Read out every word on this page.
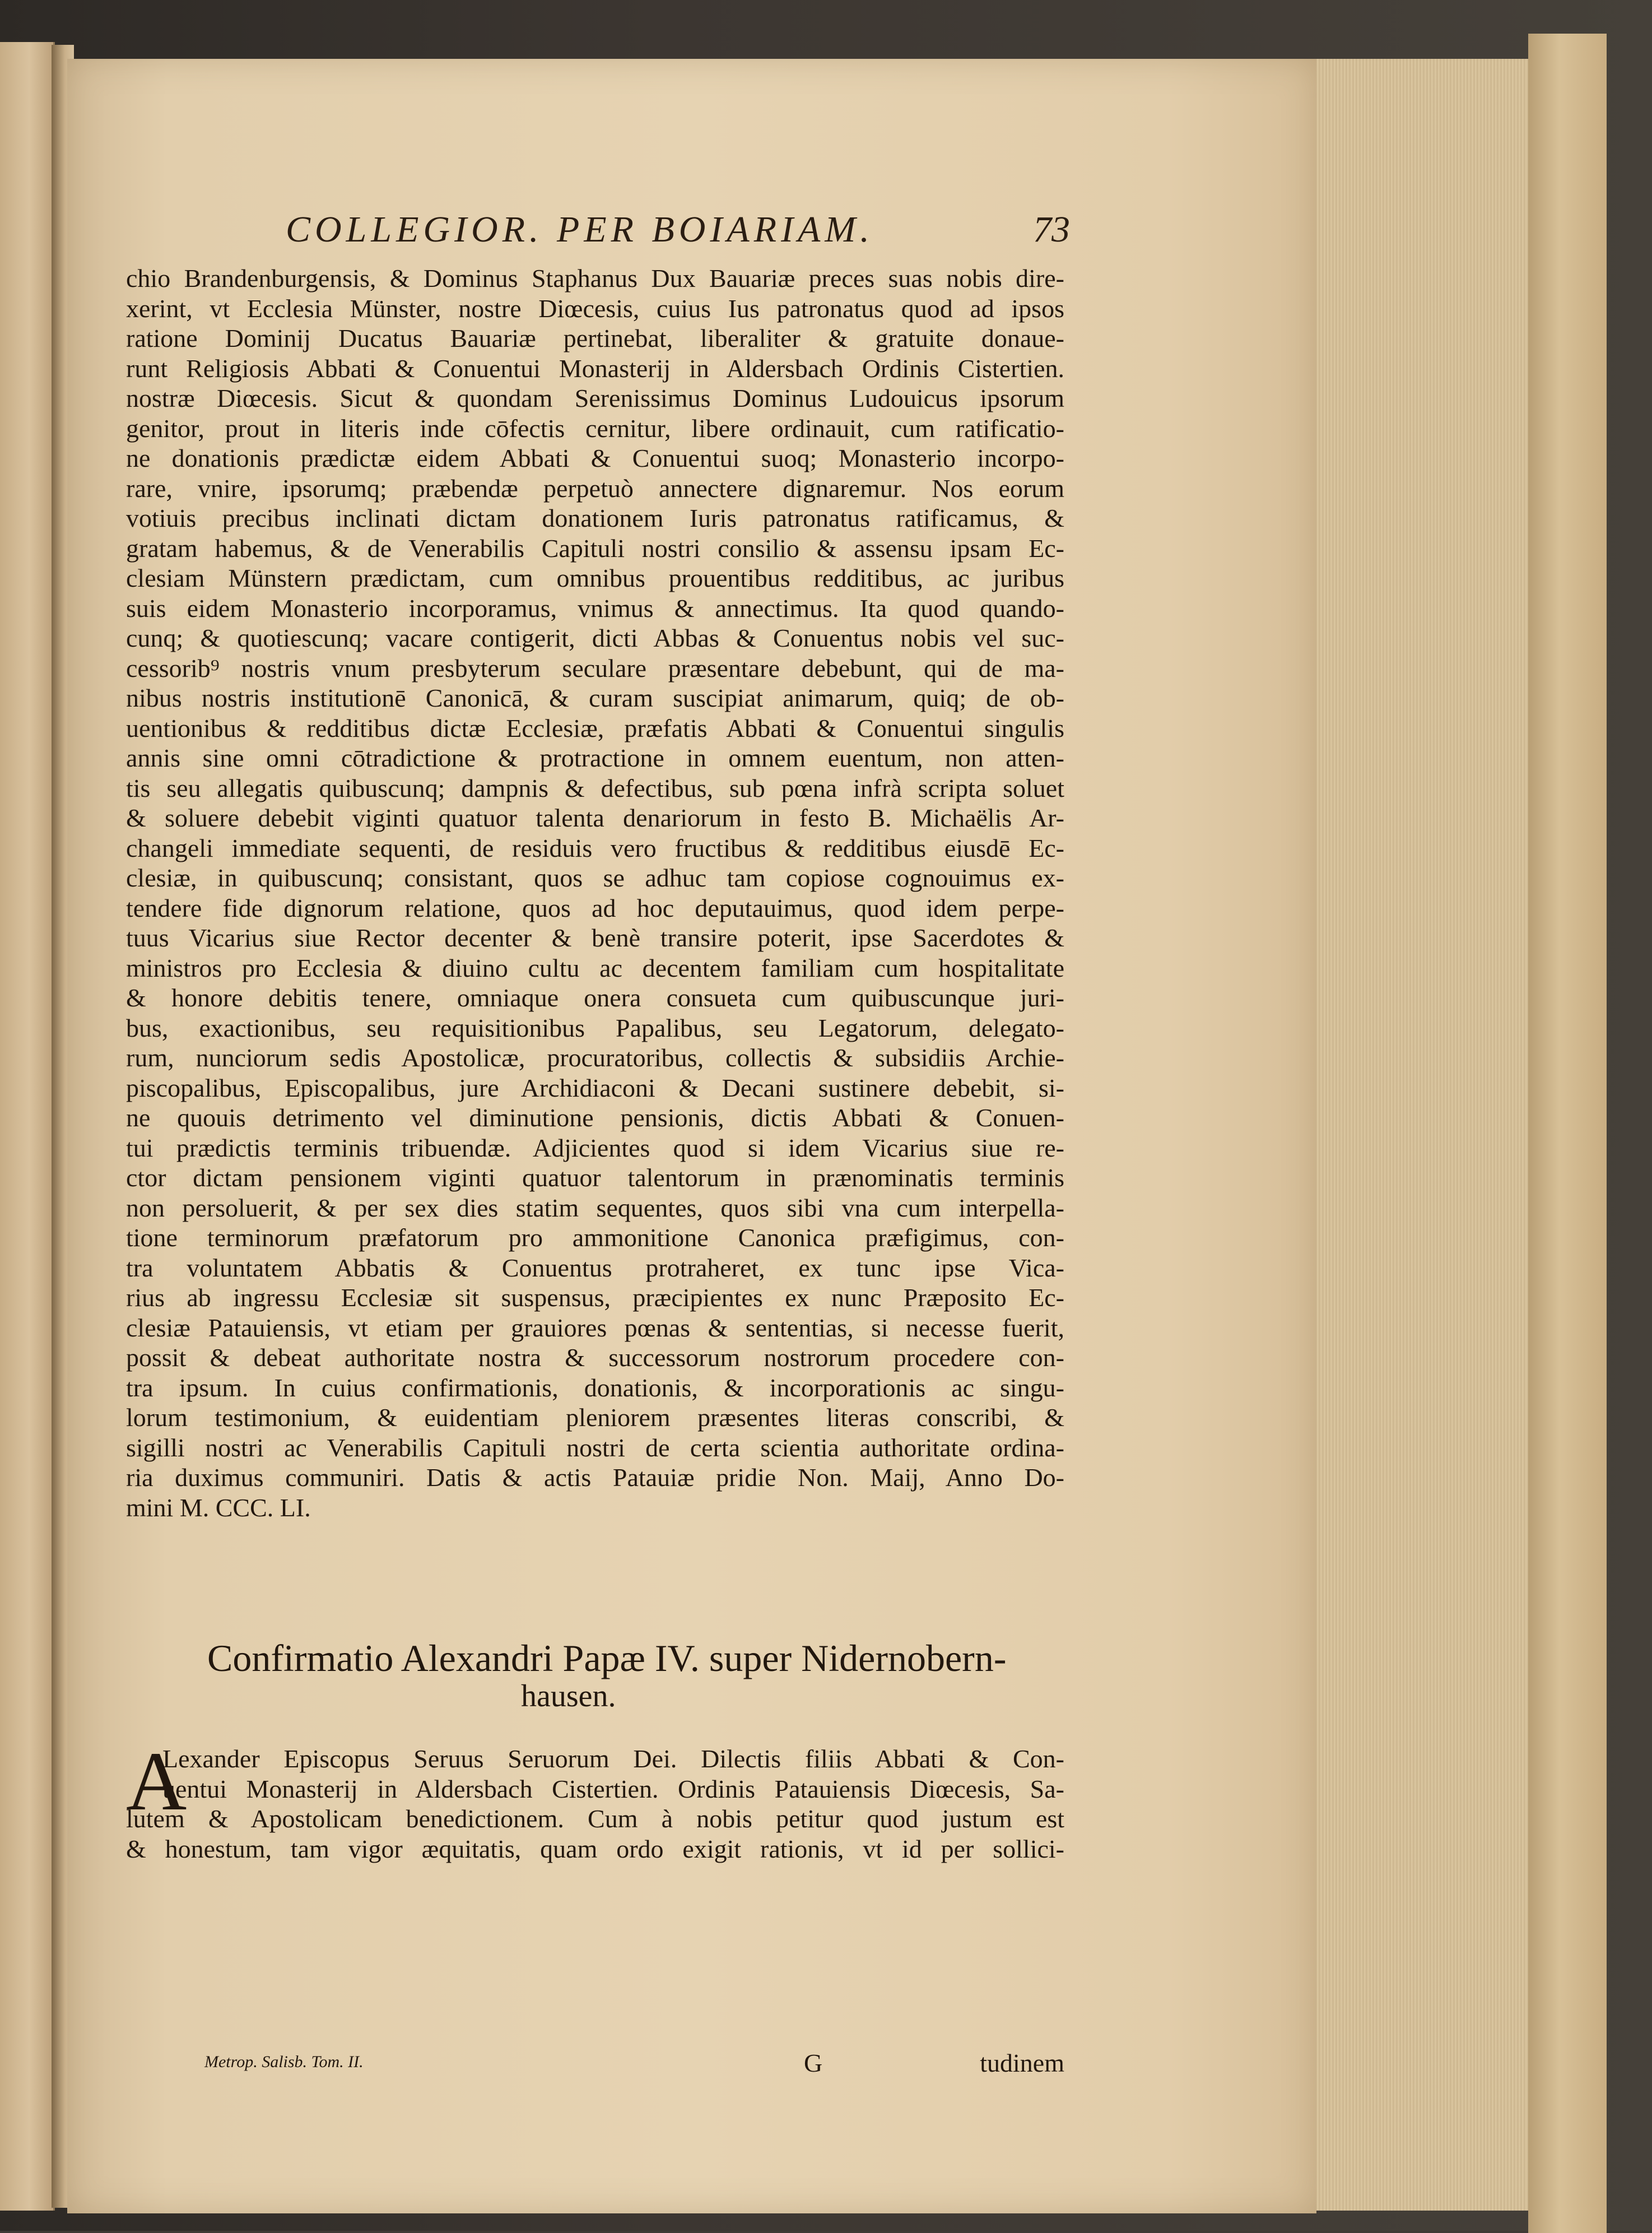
COLLEGIOR. PER BOIARIAM.	73
chio Brandenburgensis, & Dominus Staphanus Dux Bauariæ preces suas nobis dire-
xerint, vt Ecclesia Münster, nostre Diœcesis, cuius Ius patronatus quod ad ipsos
ratione Dominij Ducatus Bauariæ pertinebat, liberaliter & gratuite donaue-
runt Religiosis Abbati & Conuentui Monasterij in Aldersbach Ordinis Cistertien.
nostræ Diœcesis. Sicut & quondam Serenissimus Dominus Ludouicus ipsorum
genitor, prout in literis inde cōfectis cernitur, libere ordinauit, cum ratificatio-
ne donationis prædictæ eidem Abbati & Conuentui suoq; Monasterio incorpo-
rare, vnire, ipsorumq; præbendæ perpetuò annectere dignaremur. Nos eorum
votiuis precibus inclinati dictam donationem Iuris patronatus ratificamus, &
gratam habemus, & de Venerabilis Capituli nostri consilio & assensu ipsam Ec-
clesiam Münstern prædictam, cum omnibus prouentibus redditibus, ac juribus
suis eidem Monasterio incorporamus, vnimus & annectimus. Ita quod quando-
cunq; & quotiescunq; vacare contigerit, dicti Abbas & Conuentus nobis vel suc-
cessorib⁹ nostris vnum presbyterum seculare præsentare debebunt, qui de ma-
nibus nostris institutionē Canonicā, & curam suscipiat animarum, quiq; de ob-
uentionibus & redditibus dictæ Ecclesiæ, præfatis Abbati & Conuentui singulis
annis sine omni cōtradictione & protractione in omnem euentum, non atten-
tis seu allegatis quibuscunq; dampnis & defectibus, sub pœna infrà scripta soluet
& soluere debebit viginti quatuor talenta denariorum in festo B. Michaëlis Ar-
changeli immediate sequenti, de residuis vero fructibus & redditibus eiusdē Ec-
clesiæ, in quibuscunq; consistant, quos se adhuc tam copiose cognouimus ex-
tendere fide dignorum relatione, quos ad hoc deputauimus, quod idem perpe-
tuus Vicarius siue Rector decenter & benè transire poterit, ipse Sacerdotes &
ministros pro Ecclesia & diuino cultu ac decentem familiam cum hospitalitate
& honore debitis tenere, omniaque onera consueta cum quibuscunque juri-
bus, exactionibus, seu requisitionibus Papalibus, seu Legatorum, delegato-
rum, nunciorum sedis Apostolicæ, procuratoribus, collectis & subsidiis Archie-
piscopalibus, Episcopalibus, jure Archidiaconi & Decani sustinere debebit, si-
ne quouis detrimento vel diminutione pensionis, dictis Abbati & Conuen-
tui prædictis terminis tribuendæ. Adjicientes quod si idem Vicarius siue re-
ctor dictam pensionem viginti quatuor talentorum in prænominatis terminis
non persoluerit, & per sex dies statim sequentes, quos sibi vna cum interpella-
tione terminorum præfatorum pro ammonitione Canonica præfigimus, con-
tra voluntatem Abbatis & Conuentus protraheret, ex tunc ipse Vica-
rius ab ingressu Ecclesiæ sit suspensus, præcipientes ex nunc Præposito Ec-
clesiæ Patauiensis, vt etiam per grauiores pœnas & sententias, si necesse fuerit,
possit & debeat authoritate nostra & successorum nostrorum procedere con-
tra ipsum. In cuius confirmationis, donationis, & incorporationis ac singu-
lorum testimonium, & euidentiam pleniorem præsentes literas conscribi, &
sigilli nostri ac Venerabilis Capituli nostri de certa scientia authoritate ordina-
ria duximus communiri. Datis & actis Patauiæ pridie Non. Maij, Anno Do-
mini M. CCC. LI.
Confirmatio Alexandri Papæ IV. super Nidernobern-
hausen.
A
Lexander Episcopus Seruus Seruorum Dei. Dilectis filiis Abbati & Con-
uentui Monasterij in Aldersbach Cistertien. Ordinis Patauiensis Diœcesis, Sa-
lutem & Apostolicam benedictionem. Cum à nobis petitur quod justum est
& honestum, tam vigor æquitatis, quam ordo exigit rationis, vt id per sollici-
Metrop. Salisb. Tom. II.	G	tudinem
